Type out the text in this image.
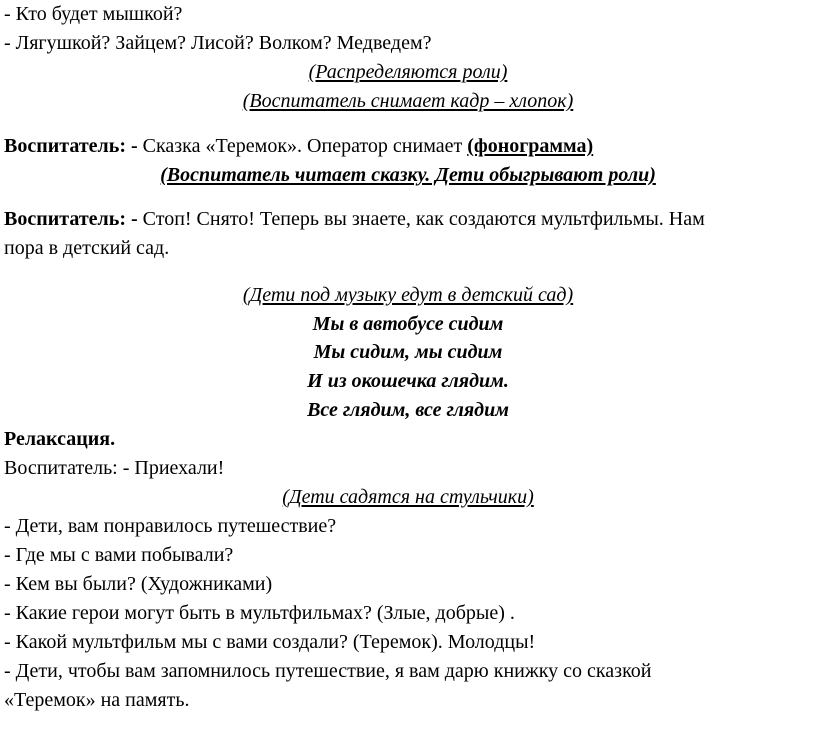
- Кто будет мышкой?
- Лягушкой? Зайцем? Лисой? Волком? Медведем?
(Распределяются роли)
(Воспитатель снимает кадр – хлопок)
Воспитатель: - Сказка «Теремок». Оператор снимает (фонограмма)
(Воспитатель читает сказку. Дети обыгрывают роли)
Воспитатель: - Стоп! Снято! Теперь вы знаете, как создаются мультфильмы. Нам
пора в детский сад.
(Дети под музыку едут в детский сад)
Мы в автобусе сидим
Мы сидим, мы сидим
И из окошечка глядим.
Все глядим, все глядим
Релаксация.
Воспитатель: - Приехали!
(Дети садятся на стульчики)
- Дети, вам понравилось путешествие?
- Где мы с вами побывали?
- Кем вы были? (Художниками)
- Какие герои могут быть в мультфильмах? (Злые, добрые) .
- Какой мультфильм мы с вами создали? (Теремок). Молодцы!
- Дети, чтобы вам запомнилось путешествие, я вам дарю книжку со сказкой
«Теремок» на память.
